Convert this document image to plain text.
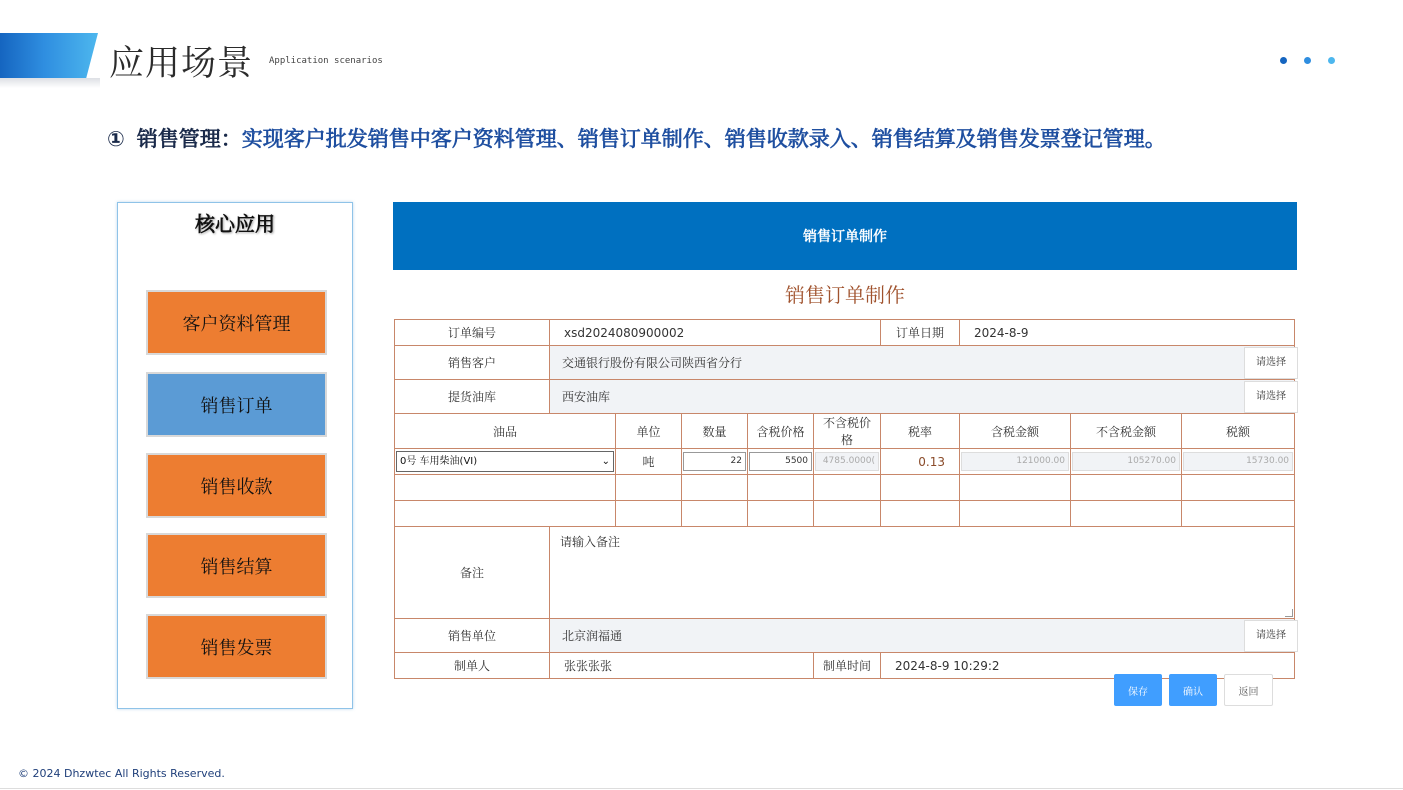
应用场景 Application scenarios
① 销售管理：实现客户批发销售中客户资料管理、销售订单制作、销售收款录入、销售结算及销售发票登记管理。
核心应用
客户资料管理
销售订单
销售收款
销售结算
销售发票
销售订单制作
销售订单制作
订单编号	xsd2024080900002					订单日期	2024-8-9		
销售客户	交通银行股份有限公司陕西省分行 请选择								

提货油库	西安油库 请选择								

油品		单位	数量	含税价格	不含税价格	税率	含税金额	不含税金额	税额

0号 车用柴油(VI) ⌄		吨	22	5500	4785.0000(	0.13	121000.00	105270.00	15730.00

备注	请输入备注								

销售单位	北京润福通 请选择								

制单人	张张张张				制单时间	2024-8-9 10:29:2			
保存	确认	返回
© 2024 Dhzwtec All Rights Reserved.
